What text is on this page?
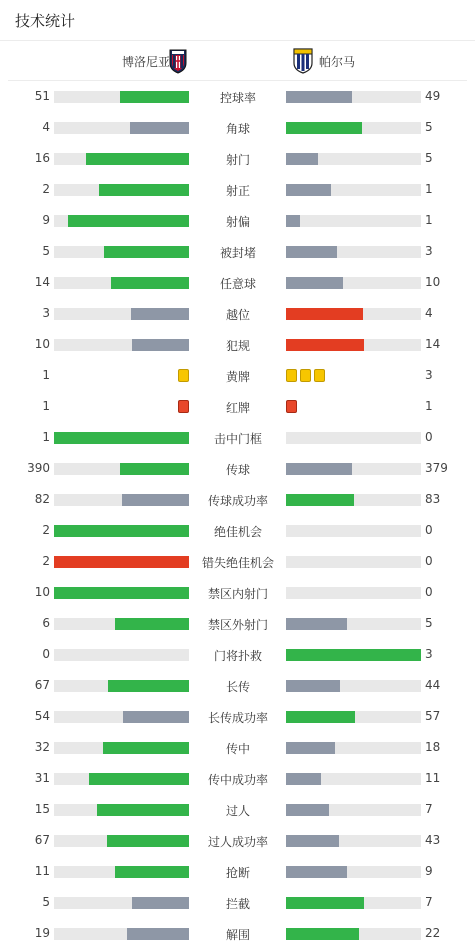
技术统计
博洛尼亚	帕尔马
51	控球率	49
4	角球	5
16	射门	5
2	射正	1
9	射偏	1
5	被封堵	3
14	任意球	10
3	越位	4
10	犯规	14
1	黄牌	3
1	红牌	1
1	击中门框	0
390	传球	379
82	传球成功率	83
2	绝佳机会	0
2	错失绝佳机会	0
10	禁区内射门	0
6	禁区外射门	5
0	门将扑救	3
67	长传	44
54	长传成功率	57
32	传中	18
31	传中成功率	11
15	过人	7
67	过人成功率	43
11	抢断	9
5	拦截	7
19	解围	22
